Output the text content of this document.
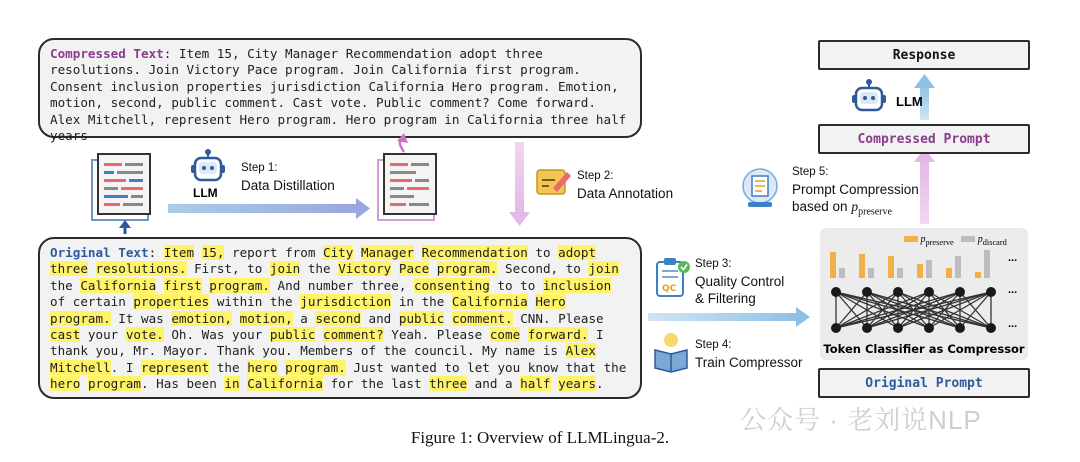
Compressed Text: Item 15, City Manager Recommendation adopt three resolutions. Join Victory Pace program. Join California first program. Consent inclusion properties jurisdiction California Hero program. Emotion, motion, second, public comment. Cast vote. Public comment? Come forward. Alex Mitchell, represent Hero program. Hero program in California three half years
Original Text: Item 15, report from City Manager Recommendation to adopt three resolutions. First, to join the Victory Pace program. Second, to join the California first program. And number three, consenting to to inclusion of certain properties within the jurisdiction in the California Hero program. It was emotion, motion, a second and public comment. CNN. Please cast your vote. Oh. Was your public comment? Yeah. Please come forward. I thank you, Mr. Mayor. Thank you. Members of the council. My name is Alex Mitchell. I represent the hero program. Just wanted to let you know that the hero program. Has been in California for the last three and a half years.
QC
Step 1:
Data Distillation
LLM
Step 2:
Data Annotation
Step 3:
Quality Control
& Filtering
Step 4:
Train Compressor
Step 5:
Prompt Compression
based on $p_{preserve}$
LLM
Response
Compressed Prompt
Original Prompt
$p_{preserve}$ $p_{discard}$
...
...
...
Token Classifier as Compressor
公众号 · 老刘说NLP
Figure 1: Overview of LLMLingua-2.
